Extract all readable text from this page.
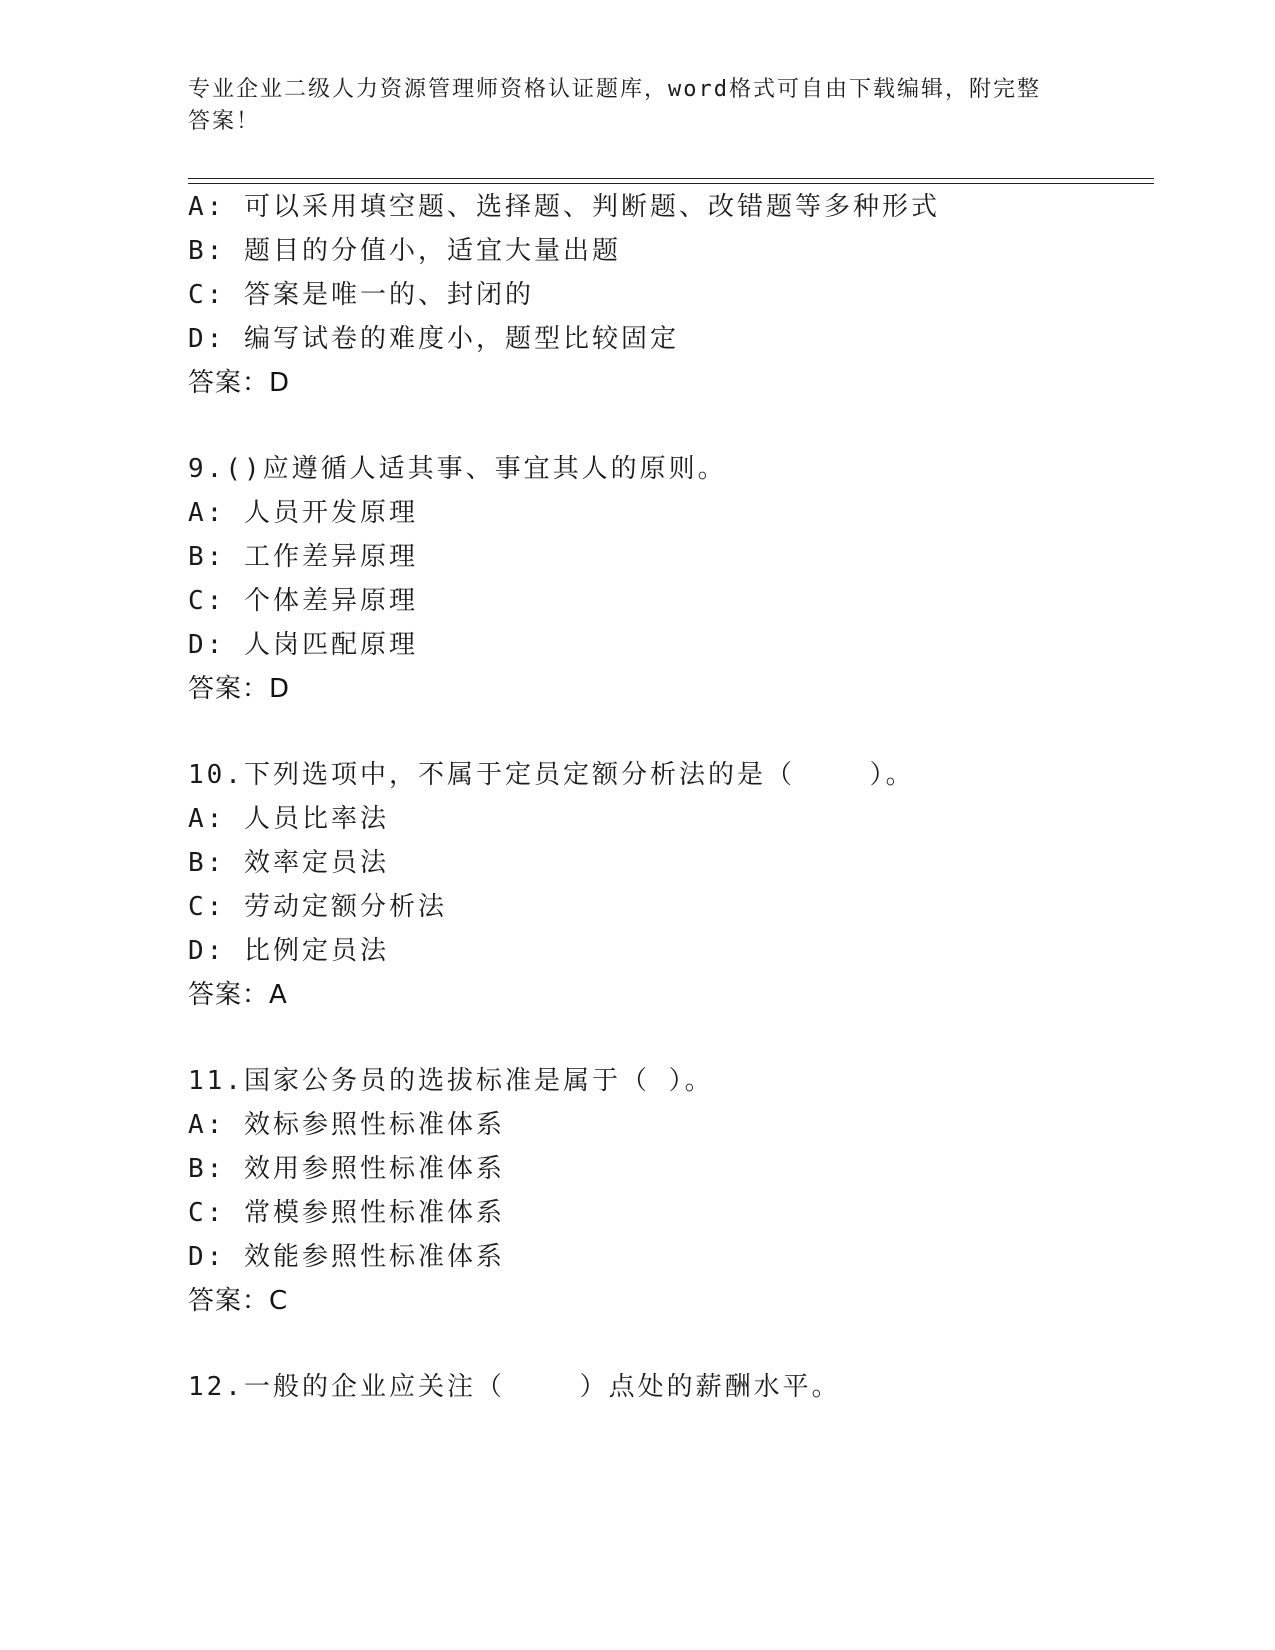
专业企业二级人力资源管理师资格认证题库，word格式可自由下载编辑，附完整
答案！
A: 可以采用填空题、选择题、判断题、改错题等多种形式
B: 题目的分值小，适宜大量出题
C: 答案是唯一的、封闭的
D: 编写试卷的难度小，题型比较固定
答案：D
9.()应遵循人适其事、事宜其人的原则。
A: 人员开发原理
B: 工作差异原理
C: 个体差异原理
D: 人岗匹配原理
答案：D
10.下列选项中，不属于定员定额分析法的是（    ）。
A: 人员比率法
B: 效率定员法
C: 劳动定额分析法
D: 比例定员法
答案：A
11.国家公务员的选拔标准是属于（ ）。
A: 效标参照性标准体系
B: 效用参照性标准体系
C: 常模参照性标准体系
D: 效能参照性标准体系
答案：C
12.一般的企业应关注（    ）点处的薪酬水平。
